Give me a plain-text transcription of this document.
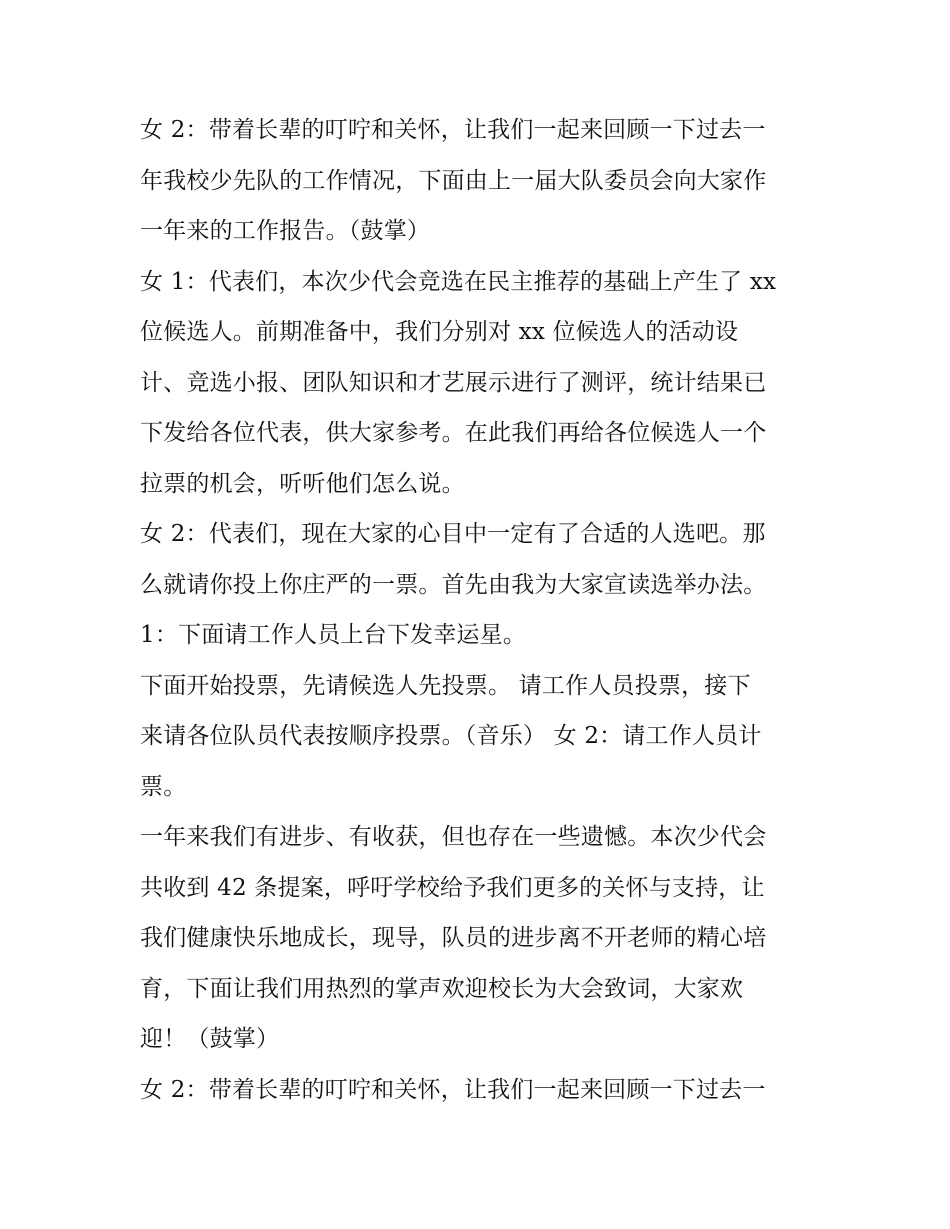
女 2：带着长辈的叮咛和关怀，让我们一起来回顾一下过去一
年我校少先队的工作情况，下面由上一届大队委员会向大家作
一年来的工作报告。（鼓掌）
女 1：代表们，本次少代会竞选在民主推荐的基础上产生了 xx
位候选人。前期准备中，我们分别对 xx 位候选人的活动设
计、竞选小报、团队知识和才艺展示进行了测评，统计结果已
下发给各位代表，供大家参考。在此我们再给各位候选人一个
拉票的机会，听听他们怎么说。
女 2：代表们，现在大家的心目中一定有了合适的人选吧。那
么就请你投上你庄严的一票。首先由我为大家宣读选举办法。
1：下面请工作人员上台下发幸运星。
下面开始投票，先请候选人先投票。 请工作人员投票，接下
来请各位队员代表按顺序投票。（音乐） 女 2：请工作人员计
票。
一年来我们有进步、有收获，但也存在一些遗憾。本次少代会
共收到 42 条提案，呼吁学校给予我们更多的关怀与支持，让
我们健康快乐地成长，现导，队员的进步离不开老师的精心培
育，下面让我们用热烈的掌声欢迎校长为大会致词，大家欢
迎！（鼓掌）
女 2：带着长辈的叮咛和关怀，让我们一起来回顾一下过去一
